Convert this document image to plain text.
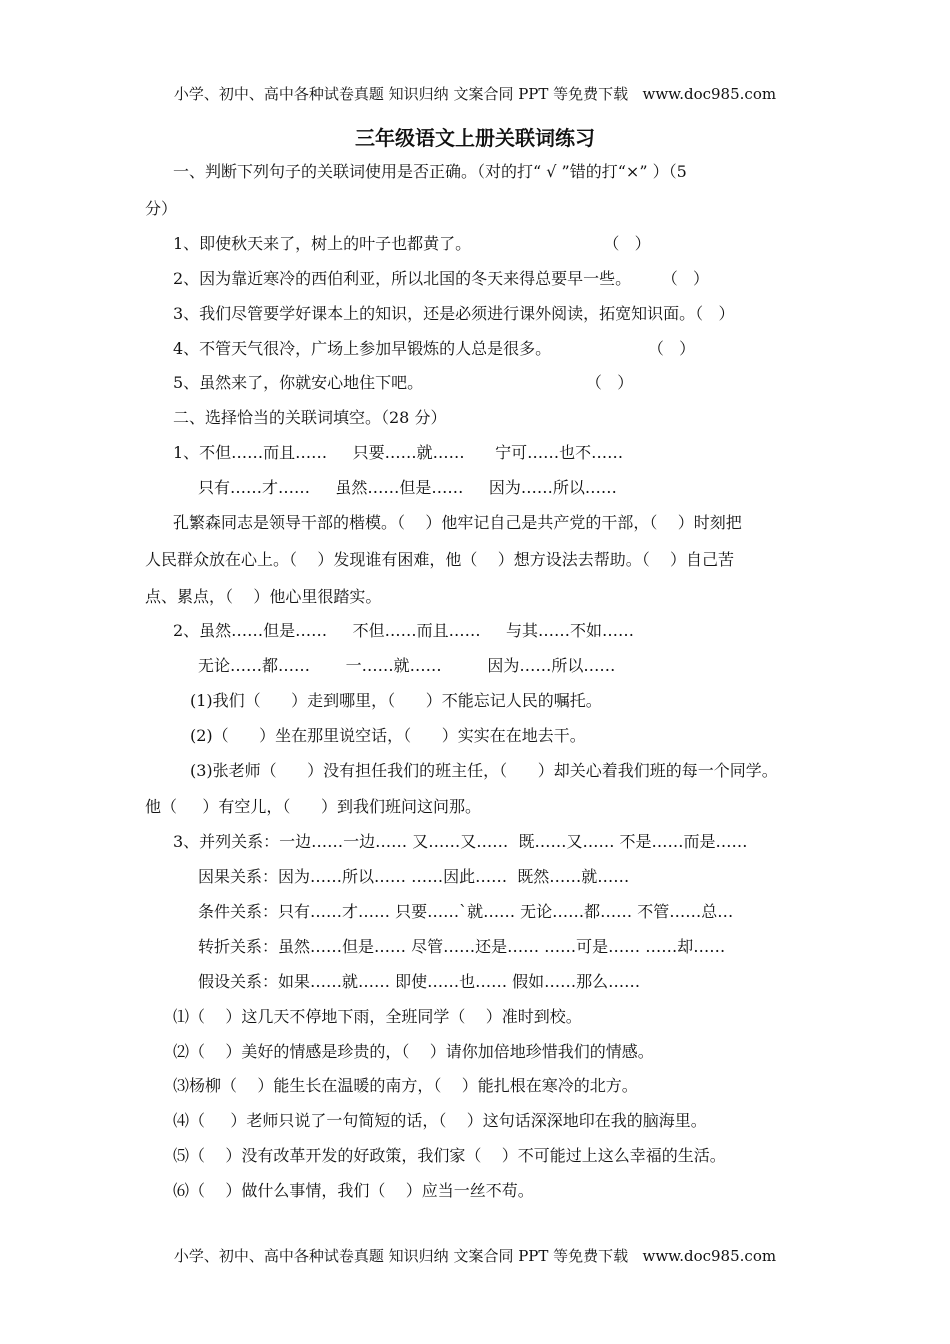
小学、初中、高中各种试卷真题 知识归纳 文案合同 PPT 等免费下载   www.doc985.com
三年级语文上册关联词练习
一、判断下列句子的关联词使用是否正确。（对的打“ √ ”错的打“×” ）（5
分）
1、即使秋天来了，树上的叶子也都黄了。                          （   ）
2、因为靠近寒冷的西伯利亚，所以北国的冬天来得总要早一些。      （   ）
3、我们尽管要学好课本上的知识，还是必须进行课外阅读，拓宽知识面。（   ）
4、不管天气很冷，广场上参加早锻炼的人总是很多。                   （   ）
5、虽然来了，你就安心地住下吧。                                （   ）
二、选择恰当的关联词填空。（28 分）
1、不但……而且……     只要……就……      宁可……也不……
只有……才……     虽然……但是……     因为……所以……
孔繁森同志是领导干部的楷模。（    ）他牢记自己是共产党的干部，（    ）时刻把
人民群众放在心上。（    ）发现谁有困难，他（    ）想方设法去帮助。（    ）自己苦
点、累点，（    ）他心里很踏实。
2、虽然……但是……     不但……而且……     与其……不如……
无论……都……       一……就……         因为……所以……
(1)我们（      ）走到哪里，（      ）不能忘记人民的嘱托。
(2)（      ）坐在那里说空话，（      ）实实在在地去干。
(3)张老师（      ）没有担任我们的班主任，（      ）却关心着我们班的每一个同学。
他（     ）有空儿，（      ）到我们班问这问那。
3、并列关系：一边……一边…… 又……又……  既……又…… 不是……而是……
因果关系：因为……所以…… ……因此……  既然……就……
条件关系：只有……才…… 只要……`就…… 无论……都…… 不管……总…
转折关系：虽然……但是…… 尽管……还是…… ……可是…… ……却……
假设关系：如果……就…… 即使……也…… 假如……那么……
⑴（    ）这几天不停地下雨，全班同学（    ）准时到校。
⑵（    ）美好的情感是珍贵的，（    ）请你加倍地珍惜我们的情感。
⑶杨柳（    ）能生长在温暖的南方，（    ）能扎根在寒冷的北方。
⑷（     ）老师只说了一句简短的话，（    ）这句话深深地印在我的脑海里。
⑸（    ）没有改革开发的好政策，我们家（    ）不可能过上这么幸福的生活。
⑹（    ）做什么事情，我们（    ）应当一丝不苟。
小学、初中、高中各种试卷真题 知识归纳 文案合同 PPT 等免费下载   www.doc985.com
